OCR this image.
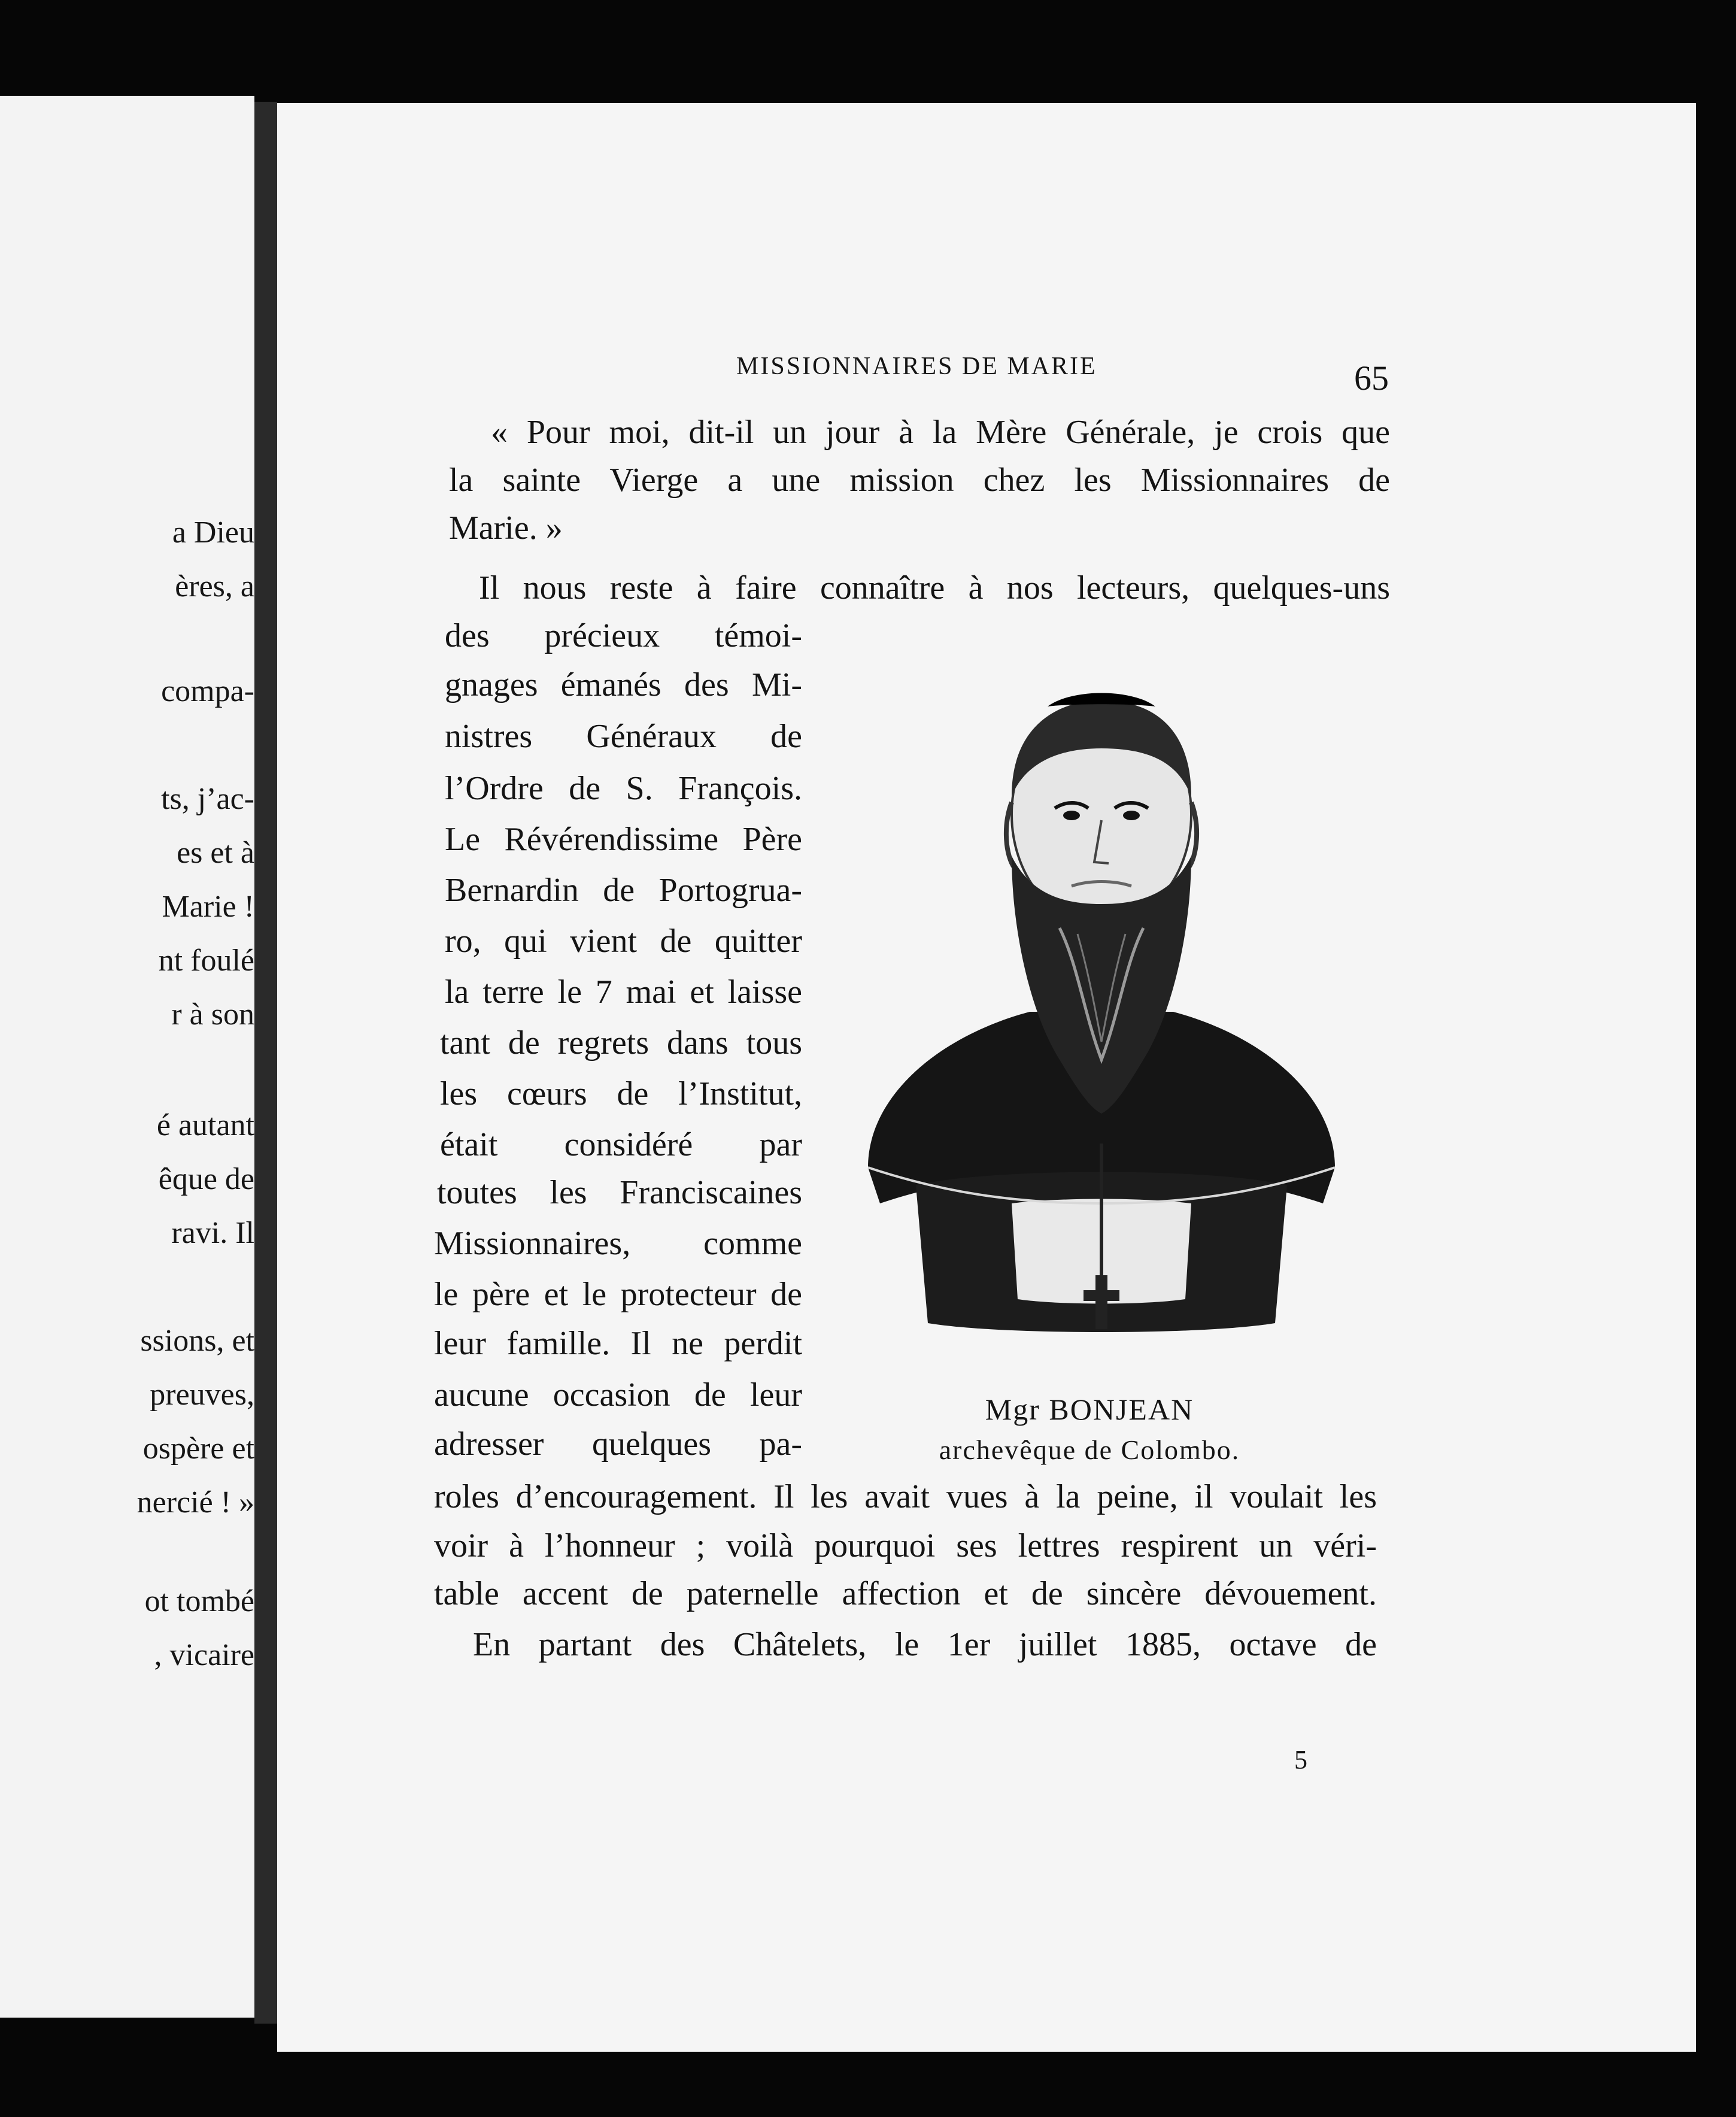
a Dieu
ères, a
compa-
ts, j’ac-
es et à
Marie !
nt foulé
r à son
é autant
êque de
ravi. Il
ssions, et
preuves,
ospère et
nercié ! »
ot tombé
, vicaire
MISSIONNAIRES DE MARIE	65
« Pour moi, dit-il un jour à la Mère Générale, je crois que
la sainte Vierge a une mission chez les Missionnaires de
Marie. »
Il nous reste à faire connaître à nos lecteurs, quelques-uns
des précieux témoi-
gnages émanés des Mi-
nistres Généraux de
l’Ordre de S. François.
Le Révérendissime Père
Bernardin de Portogrua-
ro, qui vient de quitter
la terre le 7 mai et laisse
tant de regrets dans tous
les cœurs de l’Institut,
était considéré par
toutes les Franciscaines
Missionnaires, comme
le père et le protecteur de
leur famille. Il ne perdit
aucune occasion de leur
adresser quelques pa-
roles d’encouragement. Il les avait vues à la peine, il voulait les
voir à l’honneur ; voilà pourquoi ses lettres respirent un véri-
table accent de paternelle affection et de sincère dévouement.
En partant des Châtelets, le 1er juillet 1885, octave de
Mgr BONJEAN
archevêque de Colombo.
5
